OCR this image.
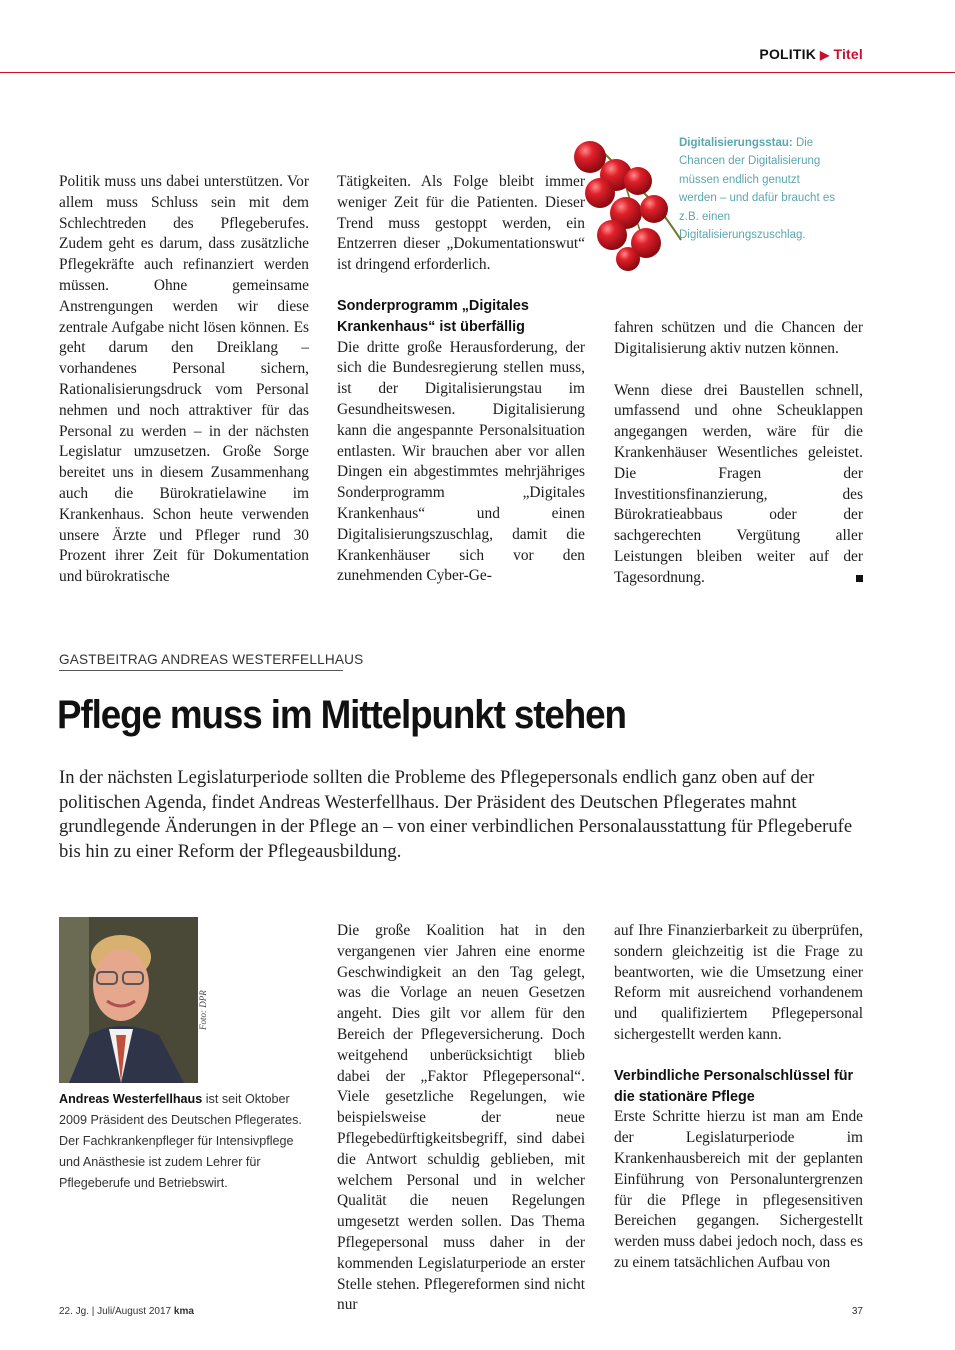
POLITIK ▶ Titel

Politik muss uns dabei unterstützen. Vor allem muss Schluss sein mit dem Schlechtreden des Pflegeberufes. Zudem geht es darum, dass zusätzliche Pflegekräfte auch refinanziert werden müssen. Ohne gemeinsame Anstrengungen werden wir diese zentrale Aufgabe nicht lösen können. Es geht darum den Dreiklang – vorhandenes Personal sichern, Rationalisierungsdruck vom Personal nehmen und noch attraktiver für das Personal zu werden – in der nächsten Legislatur umzusetzen. Große Sorge bereitet uns in diesem Zusammenhang auch die Bürokratielawine im Krankenhaus. Schon heute verwenden unsere Ärzte und Pfleger rund 30 Prozent ihrer Zeit für Dokumentation und bürokratische

Tätigkeiten. Als Folge bleibt immer weniger Zeit für die Patienten. Dieser Trend muss gestoppt werden, ein Entzerren dieser „Dokumentationswut“ ist dringend erforderlich.

Sonderprogramm „Digitales Krankenhaus“ ist überfällig

Die dritte große Herausforderung, der sich die Bundesregierung stellen muss, ist der Digitalisierungstau im Gesundheitswesen. Digitalisierung kann die angespannte Personalsituation entlasten. Wir brauchen aber vor allen Dingen ein abgestimmtes mehrjähriges Sonderprogramm „Digitales Krankenhaus“ und einen Digitalisierungszuschlag, damit die Krankenhäuser sich vor den zunehmenden Cyber-Ge-

fahren schützen und die Chancen der Digitalisierung aktiv nutzen können.

Wenn diese drei Baustellen schnell, umfassend und ohne Scheuklappen angegangen werden, wäre für die Krankenhäuser Wesentliches geleistet. Die Fragen der Investitionsfinanzierung, des Bürokratieabbaus oder der sachgerechten Vergütung aller Leistungen bleiben weiter auf der Tagesordnung.

Digitalisierungsstau: Die Chancen der Digitalisierung müssen endlich genutzt werden – und dafür braucht es z.B. einen Digitalisierungszuschlag.
GASTBEITRAG ANDREAS WESTERFELLHAUS
Pflege muss im Mittelpunkt stehen
In der nächsten Legislaturperiode sollten die Probleme des Pflegepersonals endlich ganz oben auf der politischen Agenda, findet Andreas Westerfellhaus. Der Präsident des Deutschen Pflegerates mahnt grundlegende Änderungen in der Pflege an – von einer verbindlichen Personalausstattung für Pflegeberufe bis hin zu einer Reform der Pflegeausbildung.
Foto: DPR
Andreas Westerfellhaus ist seit Oktober 2009 Präsident des Deutschen Pflegerates. Der Fachkrankenpfleger für Intensivpflege und Anästhesie ist zudem Lehrer für Pflegeberufe und Betriebswirt.

Die große Koalition hat in den vergangenen vier Jahren eine enorme Geschwindigkeit an den Tag gelegt, was die Vorlage an neuen Gesetzen angeht. Dies gilt vor allem für den Bereich der Pflegeversicherung. Doch weitgehend unberücksichtigt blieb dabei der „Faktor Pflegepersonal“. Viele gesetzliche Regelungen, wie beispielsweise der neue Pflegebedürftigkeitsbegriff, sind dabei die Antwort schuldig geblieben, mit welchem Personal und in welcher Qualität die neuen Regelungen umgesetzt werden sollen. Das Thema Pflegepersonal muss daher in der kommenden Legislaturperiode an erster Stelle stehen. Pflegereformen sind nicht nur

auf Ihre Finanzierbarkeit zu überprüfen, sondern gleichzeitig ist die Frage zu beantworten, wie die Umsetzung einer Reform mit ausreichend vorhandenem und qualifiziertem Pflegepersonal sichergestellt werden kann.

Verbindliche Personalschlüssel für die stationäre Pflege

Erste Schritte hierzu ist man am Ende der Legislaturperiode im Krankenhausbereich mit der geplanten Einführung von Personaluntergrenzen für die Pflege in pflegesensitiven Bereichen gegangen. Sichergestellt werden muss dabei jedoch noch, dass es zu einem tatsächlichen Aufbau von

22. Jg. | Juli/August 2017 kma	37
